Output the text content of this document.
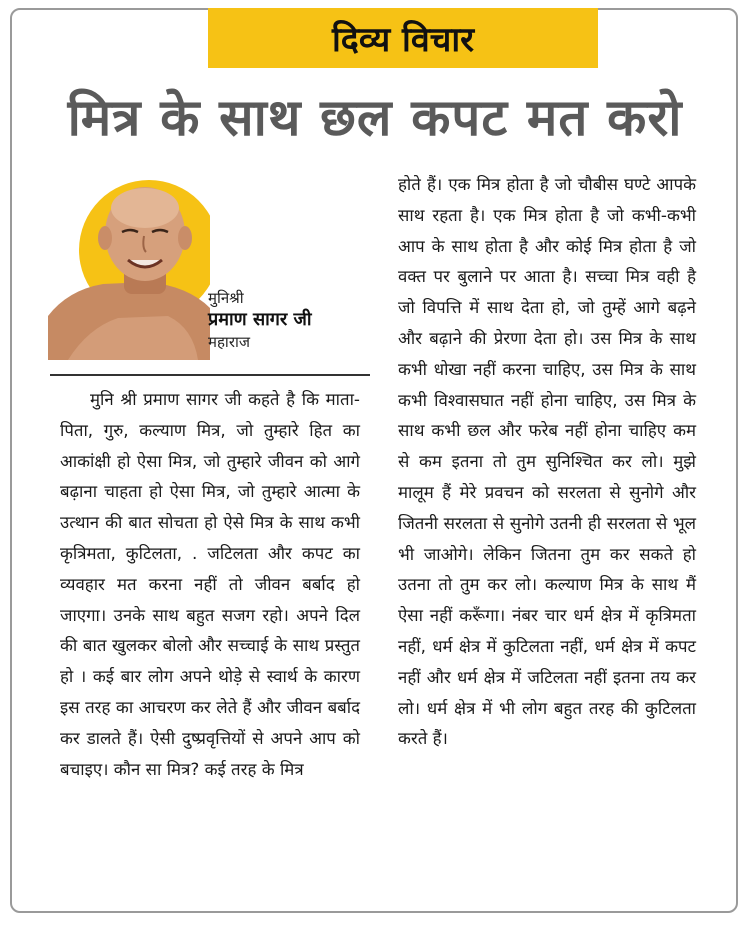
दिव्य विचार
मित्र के साथ छल कपट मत करो
मुनिश्री
प्रमाण सागर जी
महाराज

मुनि श्री प्रमाण सागर जी कहते है कि माता-पिता, गुरु, कल्याण मित्र, जो तुम्हारे हित का आकांक्षी हो ऐसा मित्र, जो तुम्हारे जीवन को आगे बढ़ाना चाहता हो ऐसा मित्र, जो तुम्हारे आत्मा के उत्थान की बात सोचता हो ऐसे मित्र के साथ कभी कृत्रिमता, कुटिलता, . जटिलता और कपट का व्यवहार मत करना नहीं तो जीवन बर्बाद हो जाएगा। उनके साथ बहुत सजग रहो। अपने दिल की बात खुलकर बोलो और सच्चाई के साथ प्रस्तुत हो । कई बार लोग अपने थोड़े से स्वार्थ के कारण इस तरह का आचरण कर लेते हैं और जीवन बर्बाद कर डालते हैं। ऐसी दुष्प्रवृत्तियों से अपने आप को बचाइए। कौन सा मित्र? कई तरह के मित्र

होते हैं। एक मित्र होता है जो चौबीस घण्टे आपके साथ रहता है। एक मित्र होता है जो कभी-कभी आप के साथ होता है और कोई मित्र होता है जो वक्त पर बुलाने पर आता है। सच्चा मित्र वही है जो विपत्ति में साथ देता हो, जो तुम्हें आगे बढ़ने और बढ़ाने की प्रेरणा देता हो। उस मित्र के साथ कभी धोखा नहीं करना चाहिए, उस मित्र के साथ कभी विश्वासघात नहीं होना चाहिए, उस मित्र के साथ कभी छल और फरेब नहीं होना चाहिए कम से कम इतना तो तुम सुनिश्चित कर लो। मुझे मालूम हैं मेरे प्रवचन को सरलता से सुनोगे और जितनी सरलता से सुनोगे उतनी ही सरलता से भूल भी जाओगे। लेकिन जितना तुम कर सकते हो उतना तो तुम कर लो। कल्याण मित्र के साथ मैं ऐसा नहीं करूँगा। नंबर चार धर्म क्षेत्र में कृत्रिमता नहीं, धर्म क्षेत्र में कुटिलता नहीं, धर्म क्षेत्र में कपट नहीं और धर्म क्षेत्र में जटिलता नहीं इतना तय कर लो। धर्म क्षेत्र में भी लोग बहुत तरह की कुटिलता करते हैं।
